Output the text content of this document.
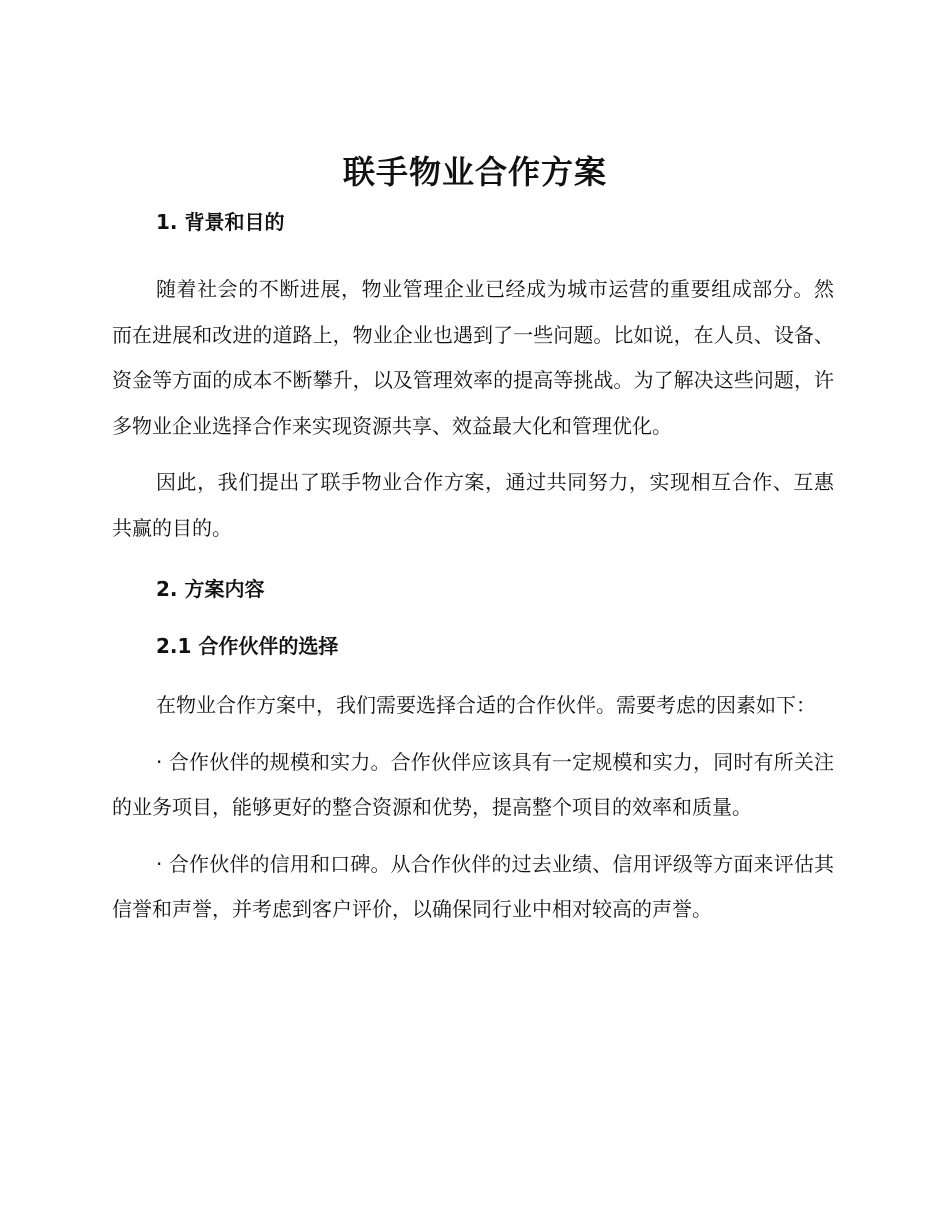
联手物业合作方案

1. 背景和目的

随着社会的不断进展，物业管理企业已经成为城市运营的重要组成部分。然而在进展和改进的道路上，物业企业也遇到了一些问题。比如说，在人员、设备、资金等方面的成本不断攀升，以及管理效率的提高等挑战。为了解决这些问题，许多物业企业选择合作来实现资源共享、效益最大化和管理优化。

因此，我们提出了联手物业合作方案，通过共同努力，实现相互合作、互惠共赢的目的。

2. 方案内容

2.1 合作伙伴的选择

在物业合作方案中，我们需要选择合适的合作伙伴。需要考虑的因素如下：

· 合作伙伴的规模和实力。合作伙伴应该具有一定规模和实力，同时有所关注的业务项目，能够更好的整合资源和优势，提高整个项目的效率和质量。

· 合作伙伴的信用和口碑。从合作伙伴的过去业绩、信用评级等方面来评估其信誉和声誉，并考虑到客户评价，以确保同行业中相对较高的声誉。
